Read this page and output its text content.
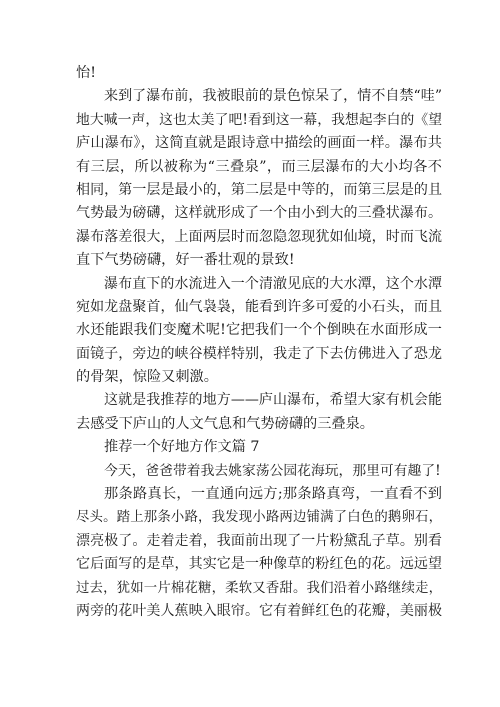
怡!
来到了瀑布前，我被眼前的景色惊呆了，情不自禁“哇”
地大喊一声，这也太美了吧!看到这一幕，我想起李白的《望
庐山瀑布》，这简直就是跟诗意中描绘的画面一样。瀑布共
有三层，所以被称为“三叠泉”，而三层瀑布的大小均各不
相同，第一层是最小的，第二层是中等的，而第三层是的且
气势最为磅礴，这样就形成了一个由小到大的三叠状瀑布。
瀑布落差很大，上面两层时而忽隐忽现犹如仙境，时而飞流
直下气势磅礴，好一番壮观的景致!
瀑布直下的水流进入一个清澈见底的大水潭，这个水潭
宛如龙盘聚首，仙气袅袅，能看到许多可爱的小石头，而且
水还能跟我们变魔术呢!它把我们一个个倒映在水面形成一
面镜子，旁边的峡谷模样特别，我走了下去仿佛进入了恐龙
的骨架，惊险又刺激。
这就是我推荐的地方——庐山瀑布，希望大家有机会能
去感受下庐山的人文气息和气势磅礴的三叠泉。
推荐一个好地方作文篇 7
今天，爸爸带着我去姚家荡公园花海玩，那里可有趣了!
那条路真长，一直通向远方;那条路真弯，一直看不到
尽头。踏上那条小路，我发现小路两边铺满了白色的鹅卵石，
漂亮极了。走着走着，我面前出现了一片粉黛乱子草。别看
它后面写的是草，其实它是一种像草的粉红色的花。远远望
过去，犹如一片棉花糖，柔软又香甜。我们沿着小路继续走，
两旁的花叶美人蕉映入眼帘。它有着鲜红色的花瓣，美丽极
